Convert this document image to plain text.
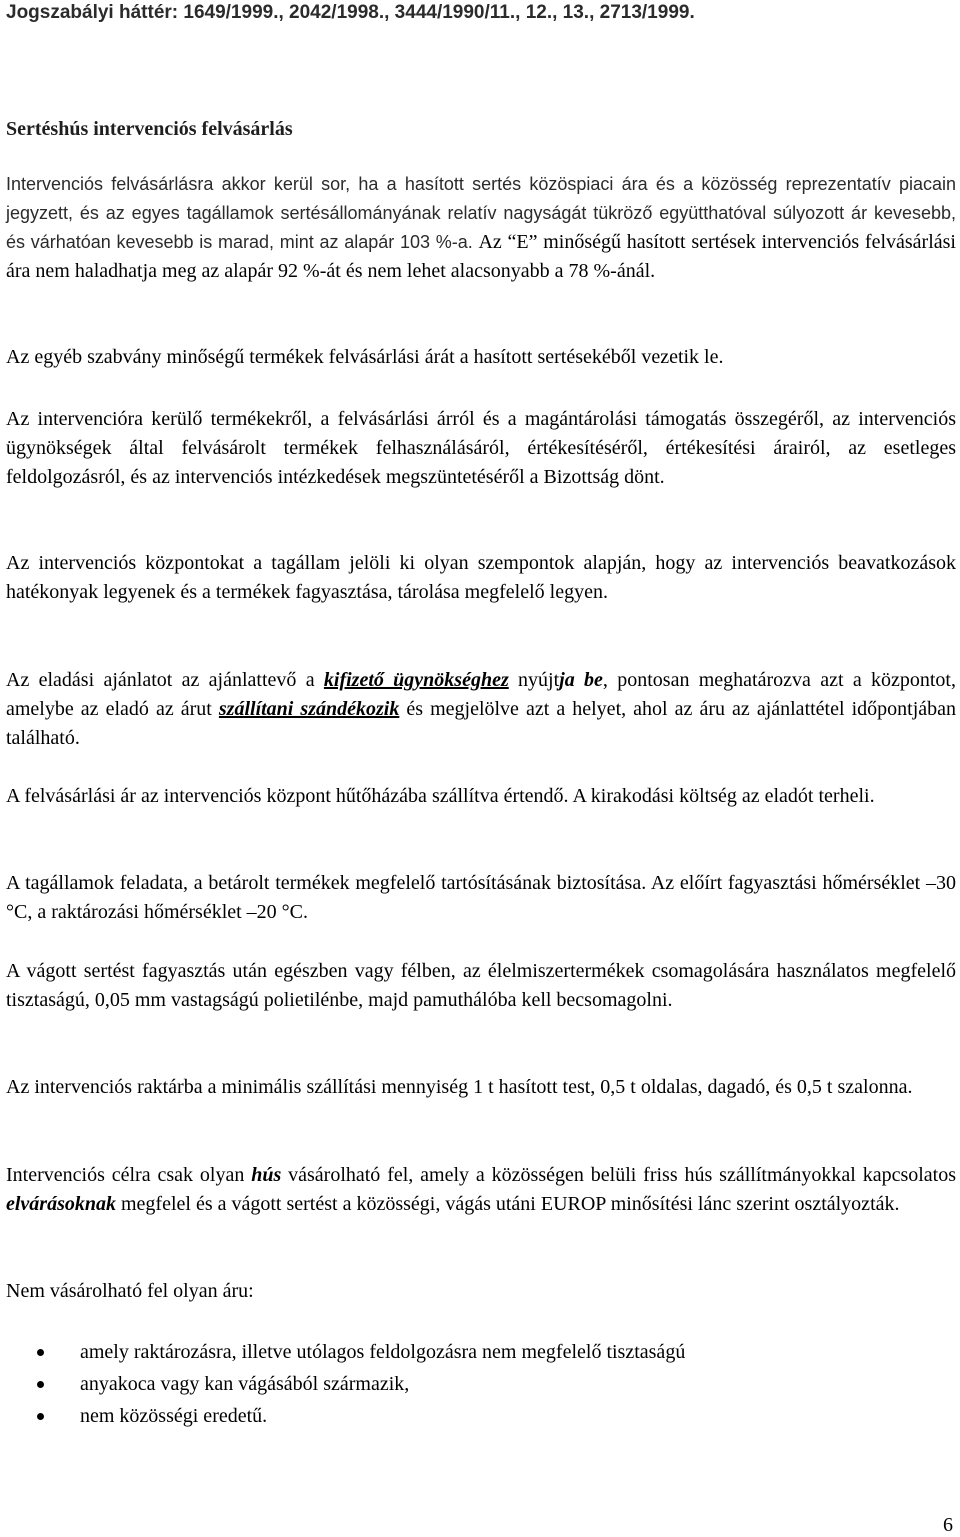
Jogszabályi háttér: 1649/1999., 2042/1998., 3444/1990/11., 12., 13., 2713/1999.
Sertéshús intervenciós felvásárlás

Intervenciós felvásárlásra akkor kerül sor, ha a hasított sertés közöspiaci ára és a közösség reprezentatív piacain jegyzett, és az egyes tagállamok sertésállományának relatív nagyságát tükröző együtthatóval súlyozott ár kevesebb, és várhatóan kevesebb is marad, mint az alapár 103 %-a. Az “E” minőségű hasított sertések intervenciós felvásárlási ára nem haladhatja meg az alapár 92 %-át és nem lehet alacsonyabb a 78 %-ánál.

Az egyéb szabvány minőségű termékek felvásárlási árát a hasított sertésekéből vezetik le.
Az intervencióra kerülő termékekről, a felvásárlási árról és a magántárolási támogatás összegéről, az intervenciós ügynökségek által felvásárolt termékek felhasználásáról, értékesítéséről, értékesítési árairól, az esetleges feldolgozásról, és az intervenciós intézkedések megszüntetéséről a Bizottság dönt.
Az intervenciós központokat a tagállam jelöli ki olyan szempontok alapján, hogy az intervenciós beavatkozások hatékonyak legyenek és a termékek fagyasztása, tárolása megfelelő legyen.

Az eladási ajánlatot az ajánlattevő a kifizető ügynökséghez nyújtja be, pontosan meghatározva azt a központot, amelybe az eladó az árut szállítani szándékozik és megjelölve azt a helyet, ahol az áru az ajánlattétel időpontjában található.

A felvásárlási ár az intervenciós központ hűtőházába szállítva értendő. A kirakodási költség az eladót terheli.
A tagállamok feladata, a betárolt termékek megfelelő tartósításának biztosítása. Az előírt fagyasztási hőmérséklet –30 °C, a raktározási hőmérséklet –20 °C.
A vágott sertést fagyasztás után egészben vagy félben, az élelmiszertermékek csomagolására használatos megfelelő tisztaságú, 0,05 mm vastagságú polietilénbe, majd pamuthálóba kell becsomagolni.
Az intervenciós raktárba a minimális szállítási mennyiség 1 t hasított test, 0,5 t oldalas, dagadó, és 0,5 t szalonna.

Intervenciós célra csak olyan hús vásárolható fel, amely a közösségen belüli friss hús szállítmányokkal kapcsolatos elvárásoknak megfelel és a vágott sertést a közösségi, vágás utáni EUROP minősítési lánc szerint osztályozták.

Nem vásárolható fel olyan áru:
amely raktározásra, illetve utólagos feldolgozásra nem megfelelő tisztaságú
anyakoca vagy kan vágásából származik,
nem közösségi eredetű.
6
